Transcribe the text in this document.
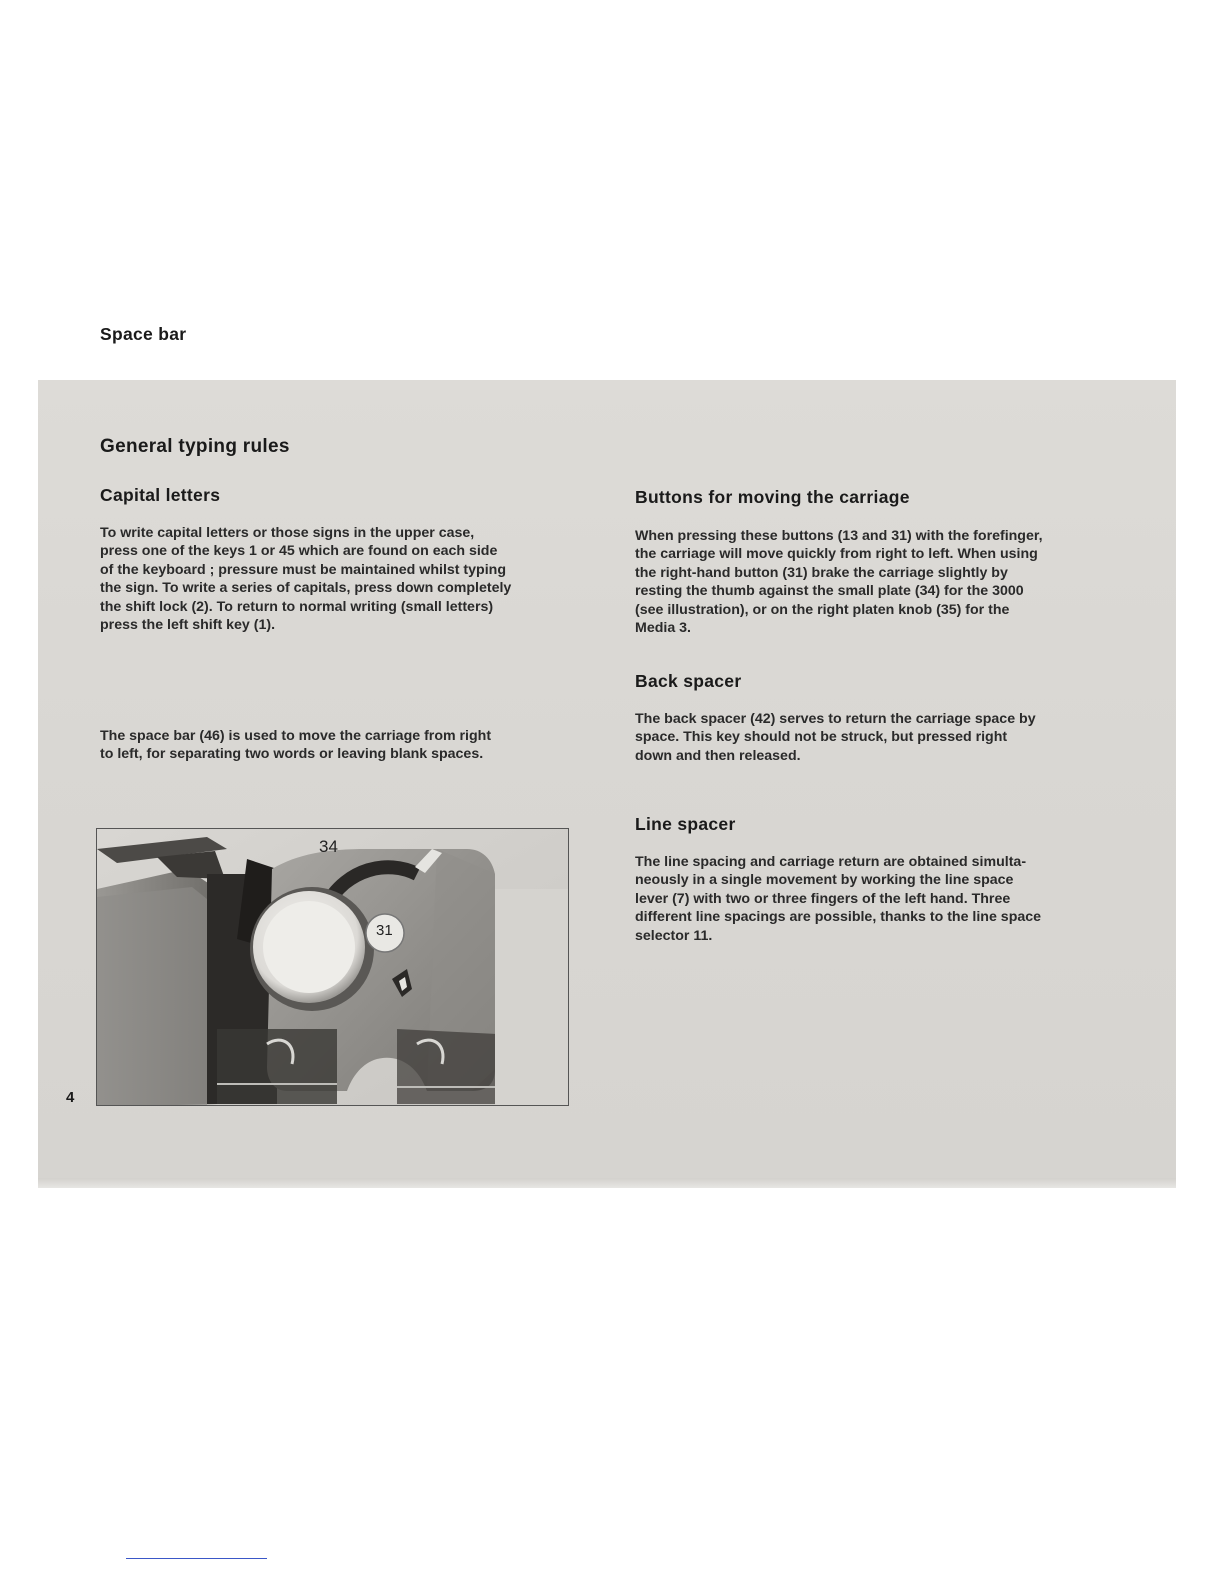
General typing rules
Capital letters

To write capital letters or those signs in the upper case,

press one of the keys 1 or 45 which are found on each side

of the keyboard ; pressure must be maintained whilst typing

the sign. To write a series of capitals, press down completely

the shift lock (2). To return to normal writing (small letters)

press the left shift key (1).

Space bar

The space bar (46) is used to move the carriage from right

to left, for separating two words or leaving blank spaces.

34
31
4
Buttons for moving the carriage

When pressing these buttons (13 and 31) with the forefinger,

the carriage will move quickly from right to left. When using

the right-hand button (31) brake the carriage slightly by

resting the thumb against the small plate (34) for the 3000

(see illustration), or on the right platen knob (35) for the

Media 3.

Back spacer

The back spacer (42) serves to return the carriage space by

space. This key should not be struck, but pressed right

down and then released.

Line spacer

The line spacing and carriage return are obtained simulta-

neously in a single movement by working the line space

lever (7) with two or three fingers of the left hand. Three

different line spacings are possible, thanks to the line space

selector 11.
